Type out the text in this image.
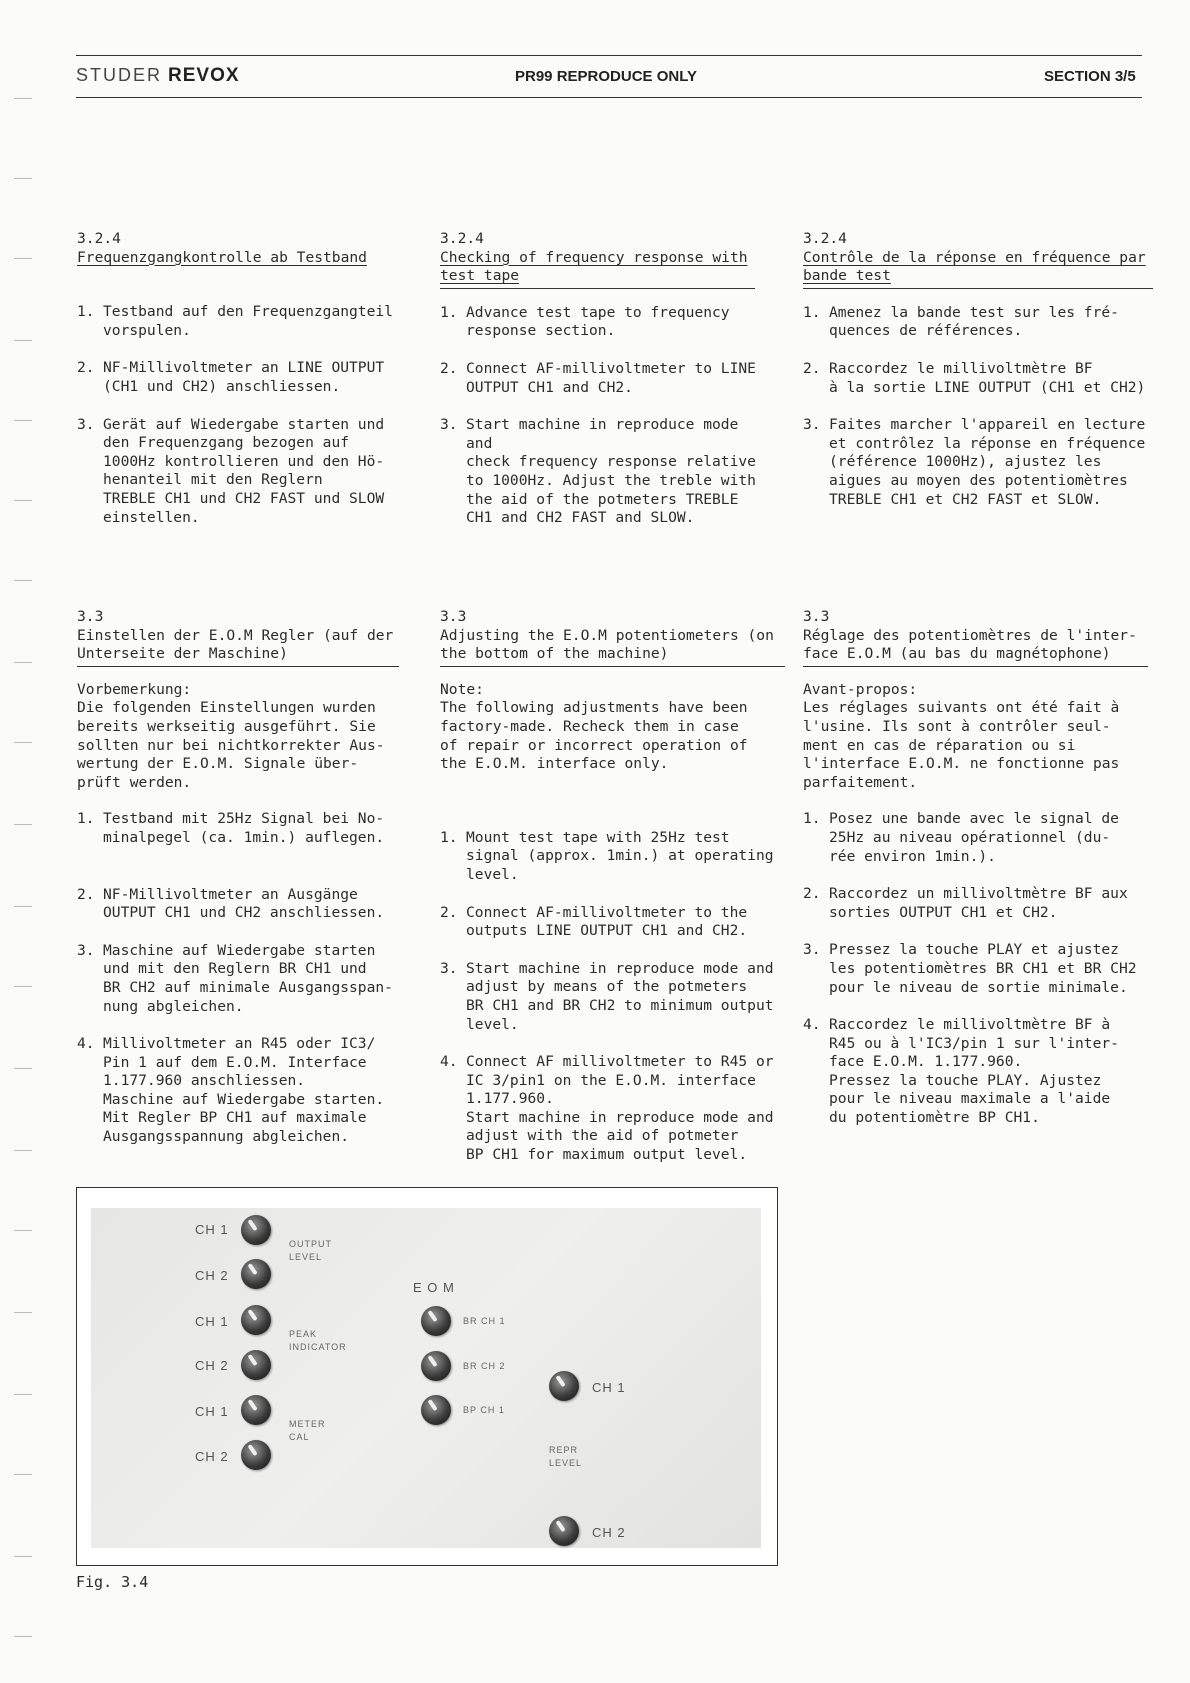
STUDER REVOX	PR99 REPRODUCE ONLY	SECTION 3/5
3.2.4
Frequenzgangkontrolle ab Testband
1. Testband auf den Frequenzgangteil
vorspulen.
2. NF-Millivoltmeter an LINE OUTPUT
(CH1 und CH2) anschliessen.
3. Gerät auf Wiedergabe starten und
den Frequenzgang bezogen auf
1000Hz kontrollieren und den Hö-
henanteil mit den Reglern
TREBLE CH1 und CH2 FAST und SLOW
einstellen.
3.2.4
Checking of frequency response with test tape
1. Advance test tape to frequency
response section.
2. Connect AF-millivoltmeter to LINE
OUTPUT CH1 and CH2.
3. Start machine in reproduce mode and
check frequency response relative
to 1000Hz. Adjust the treble with
the aid of the potmeters TREBLE
CH1 and CH2 FAST and SLOW.
3.2.4
Contrôle de la réponse en fréquence par bande test
1. Amenez la bande test sur les fré-
quences de références.
2. Raccordez le millivoltmètre BF
à la sortie LINE OUTPUT (CH1 et CH2)
3. Faites marcher l'appareil en lecture
et contrôlez la réponse en fréquence
(référence 1000Hz), ajustez les
aigues au moyen des potentiomètres
TREBLE CH1 et CH2 FAST et SLOW.
3.3
Einstellen der E.O.M Regler (auf der Unterseite der Maschine)
Vorbemerkung:
Die folgenden Einstellungen wurden
bereits werkseitig ausgeführt. Sie
sollten nur bei nichtkorrekter Aus-
wertung der E.O.M. Signale über-
prüft werden.
1. Testband mit 25Hz Signal bei No-
minalpegel (ca. 1min.) auflegen.
2. NF-Millivoltmeter an Ausgänge
OUTPUT CH1 und CH2 anschliessen.
3. Maschine auf Wiedergabe starten
und mit den Reglern BR CH1 und
BR CH2 auf minimale Ausgangsspan-
nung abgleichen.
4. Millivoltmeter an R45 oder IC3/
Pin 1 auf dem E.O.M. Interface
1.177.960 anschliessen.
Maschine auf Wiedergabe starten.
Mit Regler BP CH1 auf maximale
Ausgangsspannung abgleichen.
3.3
Adjusting the E.O.M potentiometers (on the bottom of the machine)
Note:
The following adjustments have been
factory-made. Recheck them in case
of repair or incorrect operation of
the E.O.M. interface only.
1. Mount test tape with 25Hz test
signal (approx. 1min.) at operating
level.
2. Connect AF-millivoltmeter to the
outputs LINE OUTPUT CH1 and CH2.
3. Start machine in reproduce mode and
adjust by means of the potmeters
BR CH1 and BR CH2 to minimum output
level.
4. Connect AF millivoltmeter to R45 or
IC 3/pin1 on the E.O.M. interface
1.177.960.
Start machine in reproduce mode and
adjust with the aid of potmeter
BP CH1 for maximum output level.
3.3
Réglage des potentiomètres de l'inter-face E.O.M (au bas du magnétophone)
Avant-propos:
Les réglages suivants ont été fait à
l'usine. Ils sont à contrôler seul-
ment en cas de réparation ou si
l'interface E.O.M. ne fonctionne pas
parfaitement.
1. Posez une bande avec le signal de
25Hz au niveau opérationnel (du-
rée environ 1min.).
2. Raccordez un millivoltmètre BF aux
sorties OUTPUT CH1 et CH2.
3. Pressez la touche PLAY et ajustez
les potentiomètres BR CH1 et BR CH2
pour le niveau de sortie minimale.
4. Raccordez le millivoltmètre BF à
R45 ou à l'IC3/pin 1 sur l'inter-
face E.O.M. 1.177.960.
Pressez la touche PLAY. Ajustez
pour le niveau maximale a l'aide
du potentiomètre BP CH1.
CH 1
CH 2
OUTPUT
LEVEL
CH 1
CH 2
PEAK
INDICATOR
CH 1
CH 2
METER
CAL
E O M
BR CH 1
BR CH 2
BP CH 1
CH 1
REPR
LEVEL
CH 2
Fig. 3.4
